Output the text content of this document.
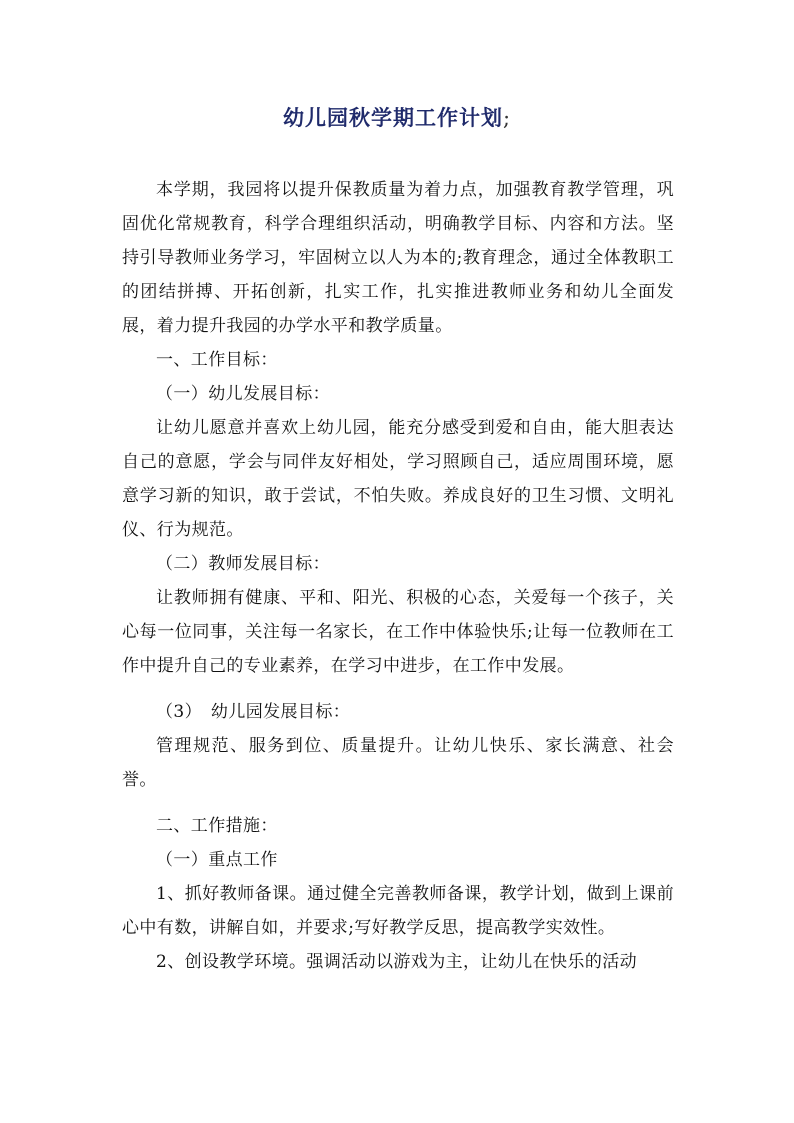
幼儿园秋学期工作计划;

本学期，我园将以提升保教质量为着力点，加强教育教学管理，巩固优化常规教育，科学合理组织活动，明确教学目标、内容和方法。坚持引导教师业务学习，牢固树立以人为本的;教育理念，通过全体教职工的团结拼搏、开拓创新，扎实工作，扎实推进教师业务和幼儿全面发展，着力提升我园的办学水平和教学质量。

一、工作目标：

（一）幼儿发展目标：

让幼儿愿意并喜欢上幼儿园，能充分感受到爱和自由，能大胆表达自己的意愿，学会与同伴友好相处，学习照顾自己，适应周围环境，愿意学习新的知识，敢于尝试，不怕失败。养成良好的卫生习惯、文明礼仪、行为规范。

（二）教师发展目标：

让教师拥有健康、平和、阳光、积极的心态，关爱每一个孩子，关心每一位同事，关注每一名家长，在工作中体验快乐;让每一位教师在工作中提升自己的专业素养，在学习中进步，在工作中发展。

（3）　幼儿园发展目标：

管理规范、服务到位、质量提升。让幼儿快乐、家长满意、社会誉。

二、工作措施：

（一）重点工作

1、抓好教师备课。通过健全完善教师备课，教学计划，做到上课前心中有数，讲解自如，并要求;写好教学反思，提高教学实效性。

2、创设教学环境。强调活动以游戏为主，让幼儿在快乐的活动
